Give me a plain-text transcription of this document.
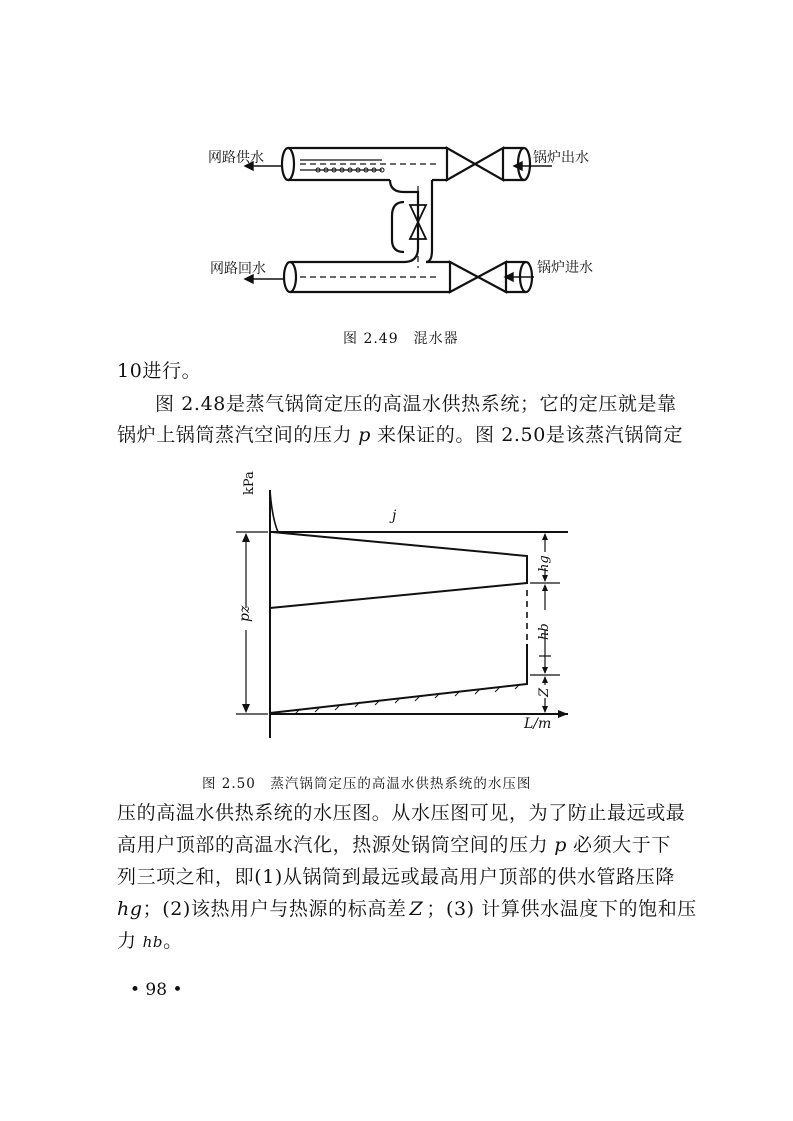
网路供水	锅炉出水
网路回水	锅炉进水
图 2.49　混水器
10进行。
图 2.48是蒸气锅筒定压的高温水供热系统；它的定压就是靠
锅炉上锅筒蒸汽空间的压力 p 来保证的。图 2.50是该蒸汽锅筒定
kPa
j
pz
hg
hb
Z
L/m
图 2.50　蒸汽锅筒定压的高温水供热系统的水压图
压的高温水供热系统的水压图。从水压图可见，为了防止最远或最
高用户顶部的高温水汽化，热源处锅筒空间的压力 p 必须大于下
列三项之和，即(1)从锅筒到最远或最高用户顶部的供水管路压降
hg；(2)该热用户与热源的标高差 Z ；(3) 计算供水温度下的饱和压
力 hb。
• 98 •
